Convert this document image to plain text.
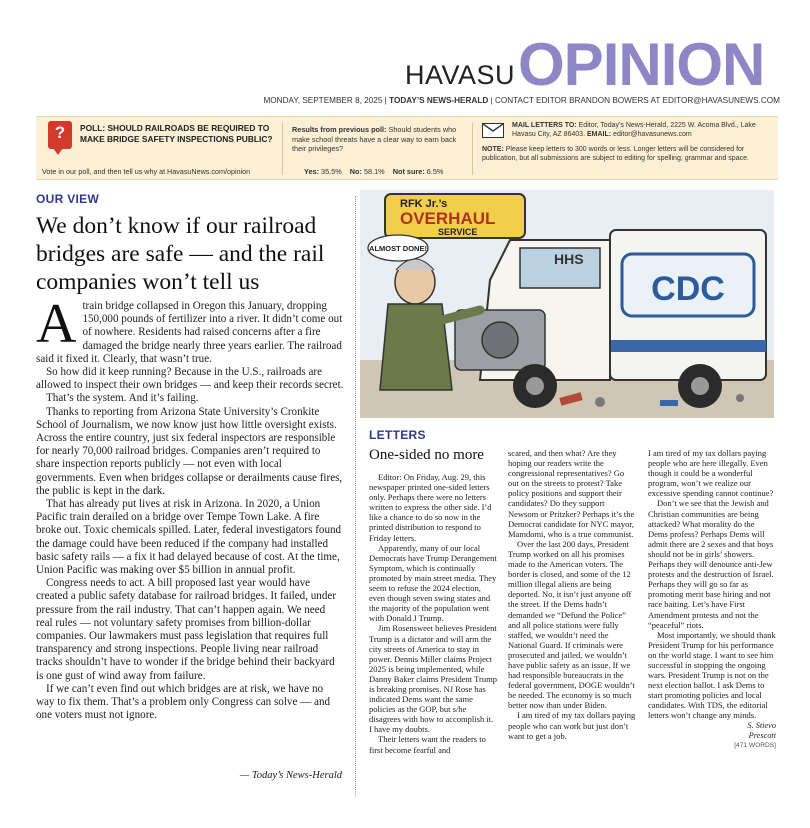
HAVASU OPINION
MONDAY, SEPTEMBER 8, 2025 | TODAY’S NEWS-HERALD | CONTACT EDITOR BRANDON BOWERS AT EDITOR@HAVASUNEWS.COM
?	POLL: SHOULD RAILROADS BE REQUIRED TO MAKE BRIDGE SAFETY INSPECTIONS PUBLIC?
Vote in our poll, and then tell us why at HavasuNews.com/opinion
Results from previous poll: Should students who make school threats have a clear way to earn back their privileges?
Yes: 35.5% No: 58.1% Not sure: 6.5%
MAIL LETTERS TO: Editor, Today’s News-Herald, 2225 W. Acoma Blvd., Lake Havasu City, AZ 86403. EMAIL: editor@havasunews.com
NOTE: Please keep letters to 300 words or less. Longer letters will be considered for publication, but all submissions are subject to editing for spelling, grammar and space.
OUR VIEW
We don’t know if our railroad bridges are safe — and the rail companies won’t tell us

Atrain bridge collapsed in Oregon this January, dropping 150,000 pounds of fertilizer into a river. It didn’t come out of nowhere. Residents had raised concerns after a fire damaged the bridge nearly three years earlier. The railroad said it fixed it. Clearly, that wasn’t true.

So how did it keep running? Because in the U.S., railroads are allowed to inspect their own bridges — and keep their records secret.

That’s the system. And it’s failing.

Thanks to reporting from Arizona State University’s Cronkite School of Journalism, we now know just how little oversight exists. Across the entire country, just six federal inspectors are responsible for nearly 70,000 railroad bridges. Companies aren’t required to share inspection reports publicly — not even with local governments. Even when bridges collapse or derailments cause fires, the public is kept in the dark.

That has already put lives at risk in Arizona. In 2020, a Union Pacific train derailed on a bridge over Tempe Town Lake. A fire broke out. Toxic chemicals spilled. Later, federal investigators found the damage could have been reduced if the company had installed basic safety rails — a fix it had delayed because of cost. At the time, Union Pacific was making over $5 billion in annual profit.

Congress needs to act. A bill proposed last year would have created a public safety database for railroad bridges. It failed, under pressure from the rail industry. That can’t happen again. We need real rules — not voluntary safety promises from billion-dollar companies. Our lawmakers must pass legislation that requires full transparency and strong inspections. People living near railroad tracks shouldn’t have to wonder if the bridge behind their backyard is one gust of wind away from failure.

If we can’t even find out which bridges are at risk, we have no way to fix them. That’s a problem only Congress can solve — and one voters must not ignore.

— Today’s News-Herald
CDC
HHS
RFK Jr.’s
OVERHAUL
SERVICE
ALMOST DONE!
LETTERS
One-sided no more

Editor: On Friday, Aug. 29, this newspaper printed one-sided letters only. Perhaps there were no letters written to express the other side. I’d like a chance to do so now in the printed distribution to respond to Friday letters.

Apparently, many of our local Democrats have Trump Derangement Symptom, which is continually promoted by main street media. They seem to refuse the 2024 election, even though seven swing states and the majority of the population went with Donald J Trump.

Jim Rosensweet believes President Trump is a dictator and will arm the city streets of America to stay in power. Dennis Miller claims Project 2025 is being implemented, while Danny Baker claims President Trump is breaking promises. NJ Rose has indicated Dems want the same policies as the GOP, but s/he disagrees with how to accomplish it. I have my doubts.

Their letters want the readers to first become fearful and

scared, and then what? Are they hoping our readers write the congressional representatives? Go out on the streets to protest? Take policy positions and support their candidates? Do they support Newsom or Pritzker? Perhaps it’s the Democrat candidate for NYC mayor, Mamdomi, who is a true communist.

Over the last 200 days, President Trump worked on all his promises made to the American voters. The border is closed, and some of the 12 million illegal aliens are being deported. No, it isn’t just anyone off the street. If the Dems hadn’t demanded we “Defund the Police” and all police stations were fully staffed, we wouldn’t need the National Guard. If criminals were prosecuted and jailed, we wouldn’t have public safety as an issue. If we had responsible bureaucrats in the federal government, DOGE wouldn’t be needed. The economy is so much better now than under Biden.

I am tired of my tax dollars paying people who can work but just don’t want to get a job.

I am tired of my tax dollars paying people who are here illegally. Even though it could be a wonderful program, won’t we realize our excessive spending cannot continue?

Don’t we see that the Jewish and Christian communities are being attacked? What morality do the Dems profess? Perhaps Dems will admit there are 2 sexes and that boys should not be in girls’ showers. Perhaps they will denounce anti-Jew protests and the destruction of Israel. Perhaps they will go so far as promoting merit base hiring and not race baiting. Let’s have First Amendment protests and not the “peaceful” riots.

Most importantly, we should thank President Trump for his performance on the world stage. I want to see him successful in stopping the ongoing wars. President Trump is not on the next election ballot. I ask Dems to start promoting policies and local candidates. With TDS, the editorial letters won’t change any minds.

S. Stievo
Prescott
[471 WORDS]
